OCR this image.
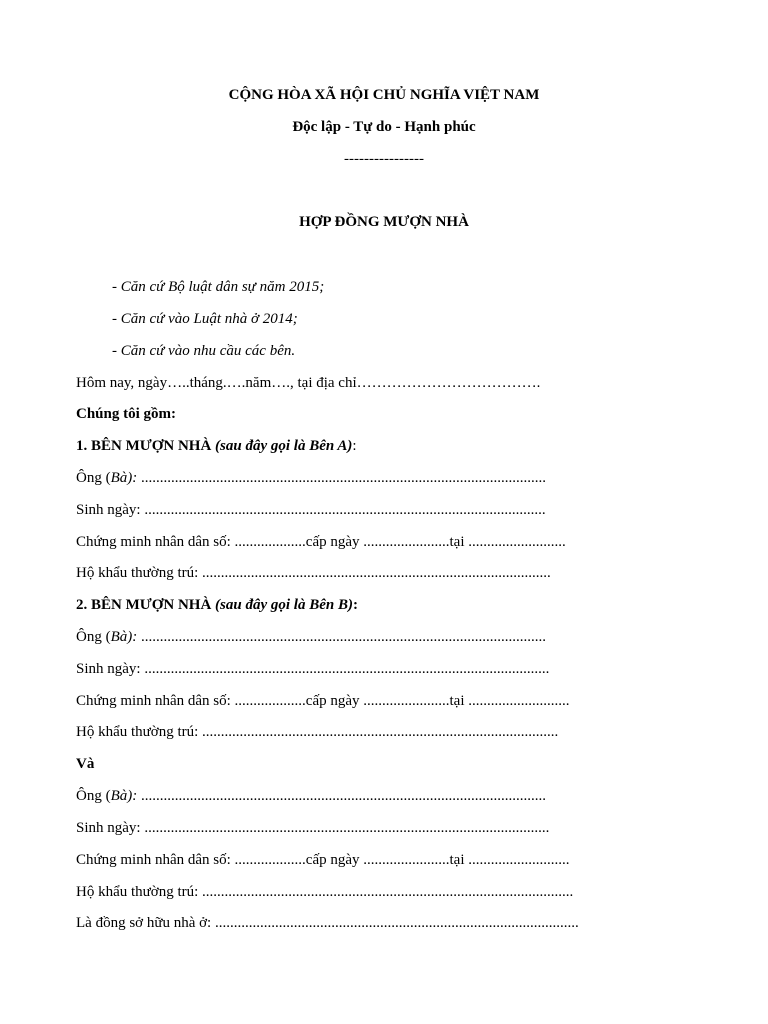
CỘNG HÒA XÃ HỘI CHỦ NGHĨA VIỆT NAM
Độc lập - Tự do - Hạnh phúc
----------------
HỢP ĐỒNG MƯỢN NHÀ
- Căn cứ Bộ luật dân sự năm 2015;
- Căn cứ vào Luật nhà ở 2014;
- Căn cứ vào nhu cầu các bên.
Hôm nay, ngày…..tháng.….năm…., tại địa chỉ……………………………….
Chúng tôi gồm:
1. BÊN MƯỢN NHÀ (sau đây gọi là Bên A):
Ông (Bà): ............................................................................................................
Sinh ngày: ...........................................................................................................
Chứng minh nhân dân số: ...................cấp ngày .......................tại ..........................
Hộ khẩu thường trú: .............................................................................................
2. BÊN MƯỢN NHÀ (sau đây gọi là Bên B):
Ông (Bà): ............................................................................................................
Sinh ngày: ............................................................................................................
Chứng minh nhân dân số: ...................cấp ngày .......................tại ...........................
Hộ khẩu thường trú: ...............................................................................................
Và
Ông (Bà): ............................................................................................................
Sinh ngày: ............................................................................................................
Chứng minh nhân dân số: ...................cấp ngày .......................tại ...........................
Hộ khẩu thường trú: ...................................................................................................
Là đồng sở hữu nhà ở: .................................................................................................
